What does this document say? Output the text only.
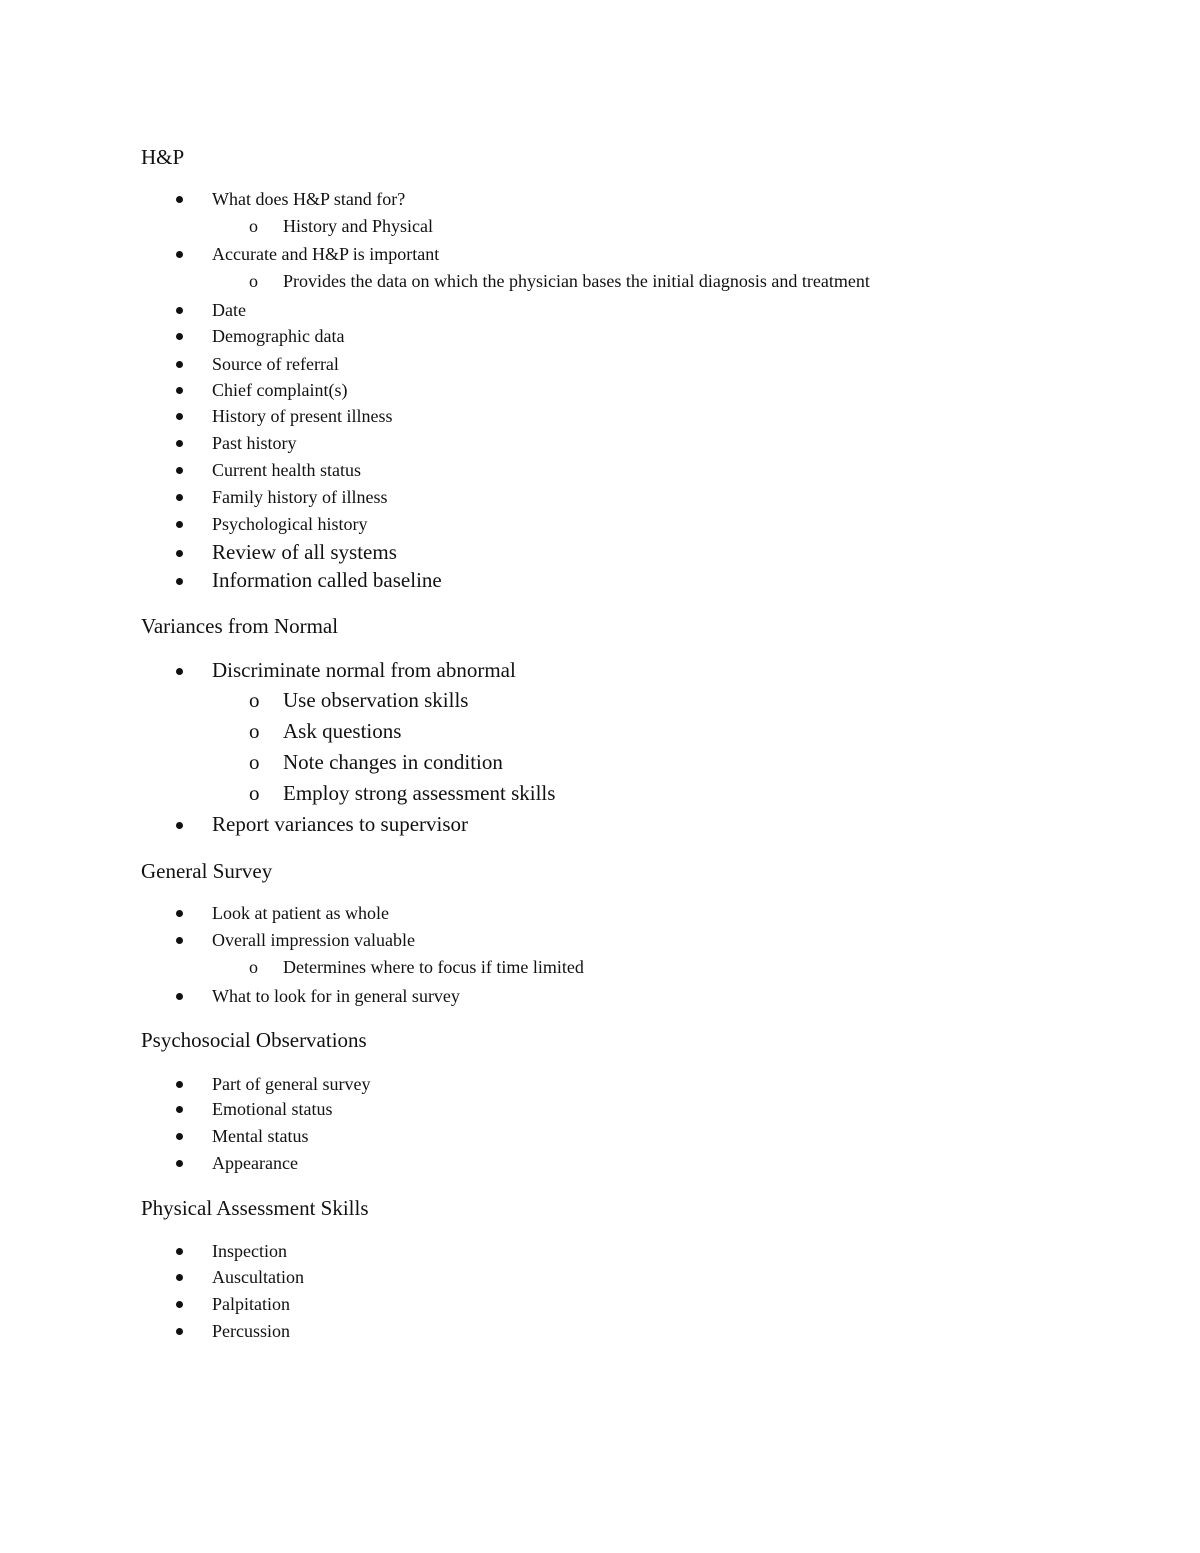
H&P
What does H&P stand for?
o History and Physical
Accurate and H&P is important
o Provides the data on which the physician bases the initial diagnosis and treatment
Date
Demographic data
Source of referral
Chief complaint(s)
History of present illness
Past history
Current health status
Family history of illness
Psychological history
Review of all systems
Information called baseline
Variances from Normal
Discriminate normal from abnormal
o Use observation skills
o Ask questions
o Note changes in condition
o Employ strong assessment skills
Report variances to supervisor
General Survey
Look at patient as whole
Overall impression valuable
o Determines where to focus if time limited
What to look for in general survey
Psychosocial Observations
Part of general survey
Emotional status
Mental status
Appearance
Physical Assessment Skills
Inspection
Auscultation
Palpitation
Percussion
